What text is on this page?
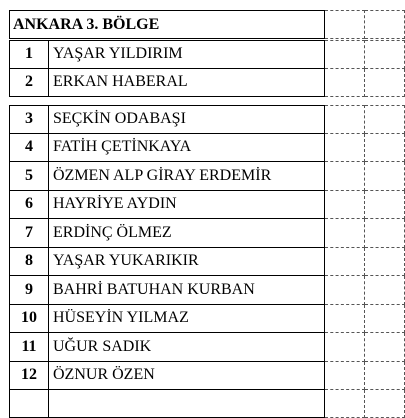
ANKARA 3. BÖLGE
1	YAŞAR YILDIRIM
2	ERKAN HABERAL
3	SEÇKİN ODABAŞI
4	FATİH ÇETİNKAYA
5	ÖZMEN ALP GİRAY ERDEMİR
6	HAYRİYE AYDIN
7	ERDİNÇ ÖLMEZ
8	YAŞAR YUKARIKIR
9	BAHRİ BATUHAN KURBAN
10	HÜSEYİN YILMAZ
11	UĞUR SADIK
12	ÖZNUR ÖZEN
